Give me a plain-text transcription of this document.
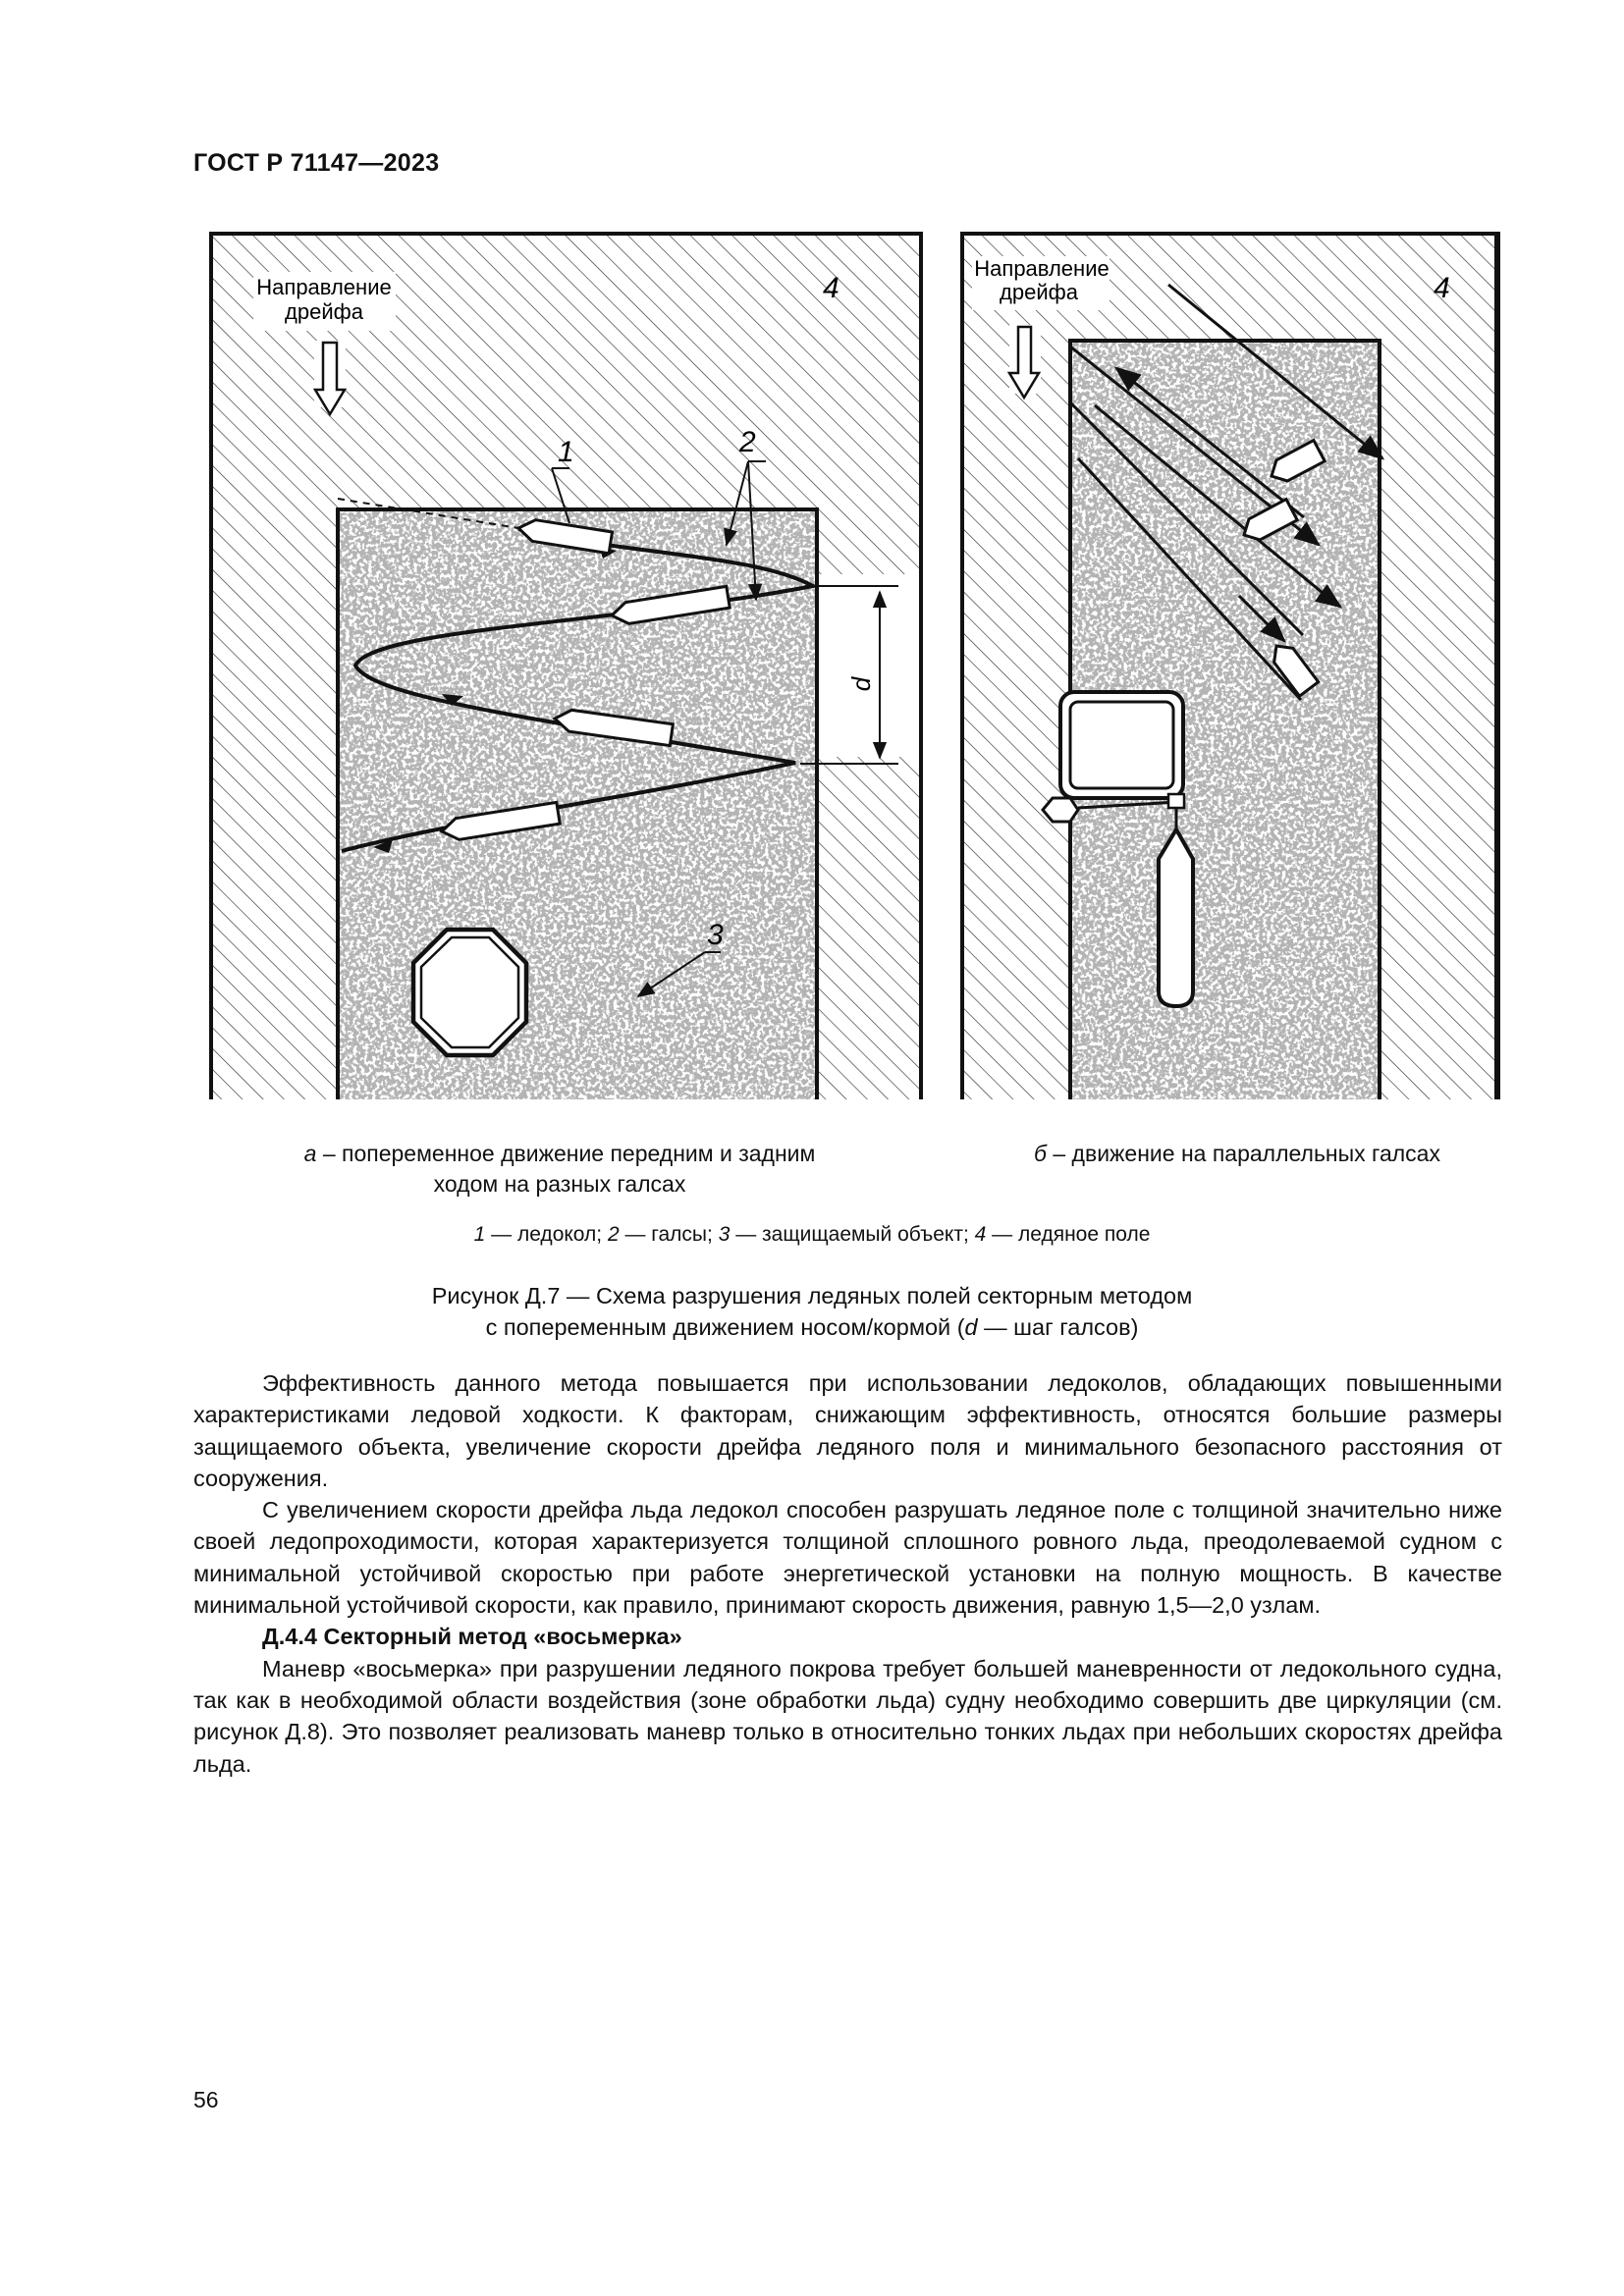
ГОСТ Р 71147—2023
Направление
дрейфа
4
1	2
3
d
Направление
дрейфа	4
а – попеременное движение передним и задним
ходом на разных галсах
б – движение на параллельных галсах
1 — ледокол; 2 — галсы; 3 — защищаемый объект; 4 — ледяное поле
Рисунок Д.7 — Схема разрушения ледяных полей секторным методом
с попеременным движением носом/кормой (d — шаг галсов)

Эффективность данного метода повышается при использовании ледоколов, обладающих повышенными характеристиками ледовой ходкости. К факторам, снижающим эффективность, относятся большие размеры защищаемого объекта, увеличение скорости дрейфа ледяного поля и минимального безопасного расстояния от сооружения.

С увеличением скорости дрейфа льда ледокол способен разрушать ледяное поле с толщиной значительно ниже своей ледопроходимости, которая характеризуется толщиной сплошного ровного льда, преодолеваемой судном с минимальной устойчивой скоростью при работе энергетической установки на полную мощность. В качестве минимальной устойчивой скорости, как правило, принимают скорость движения, равную 1,5—2,0 узлам.

Д.4.4 Секторный метод «восьмерка»

Маневр «восьмерка» при разрушении ледяного покрова требует большей маневренности от ледокольного судна, так как в необходимой области воздействия (зоне обработки льда) судну необходимо совершить две циркуляции (см. рисунок Д.8). Это позволяет реализовать маневр только в относительно тонких льдах при небольших скоростях дрейфа льда.

56
